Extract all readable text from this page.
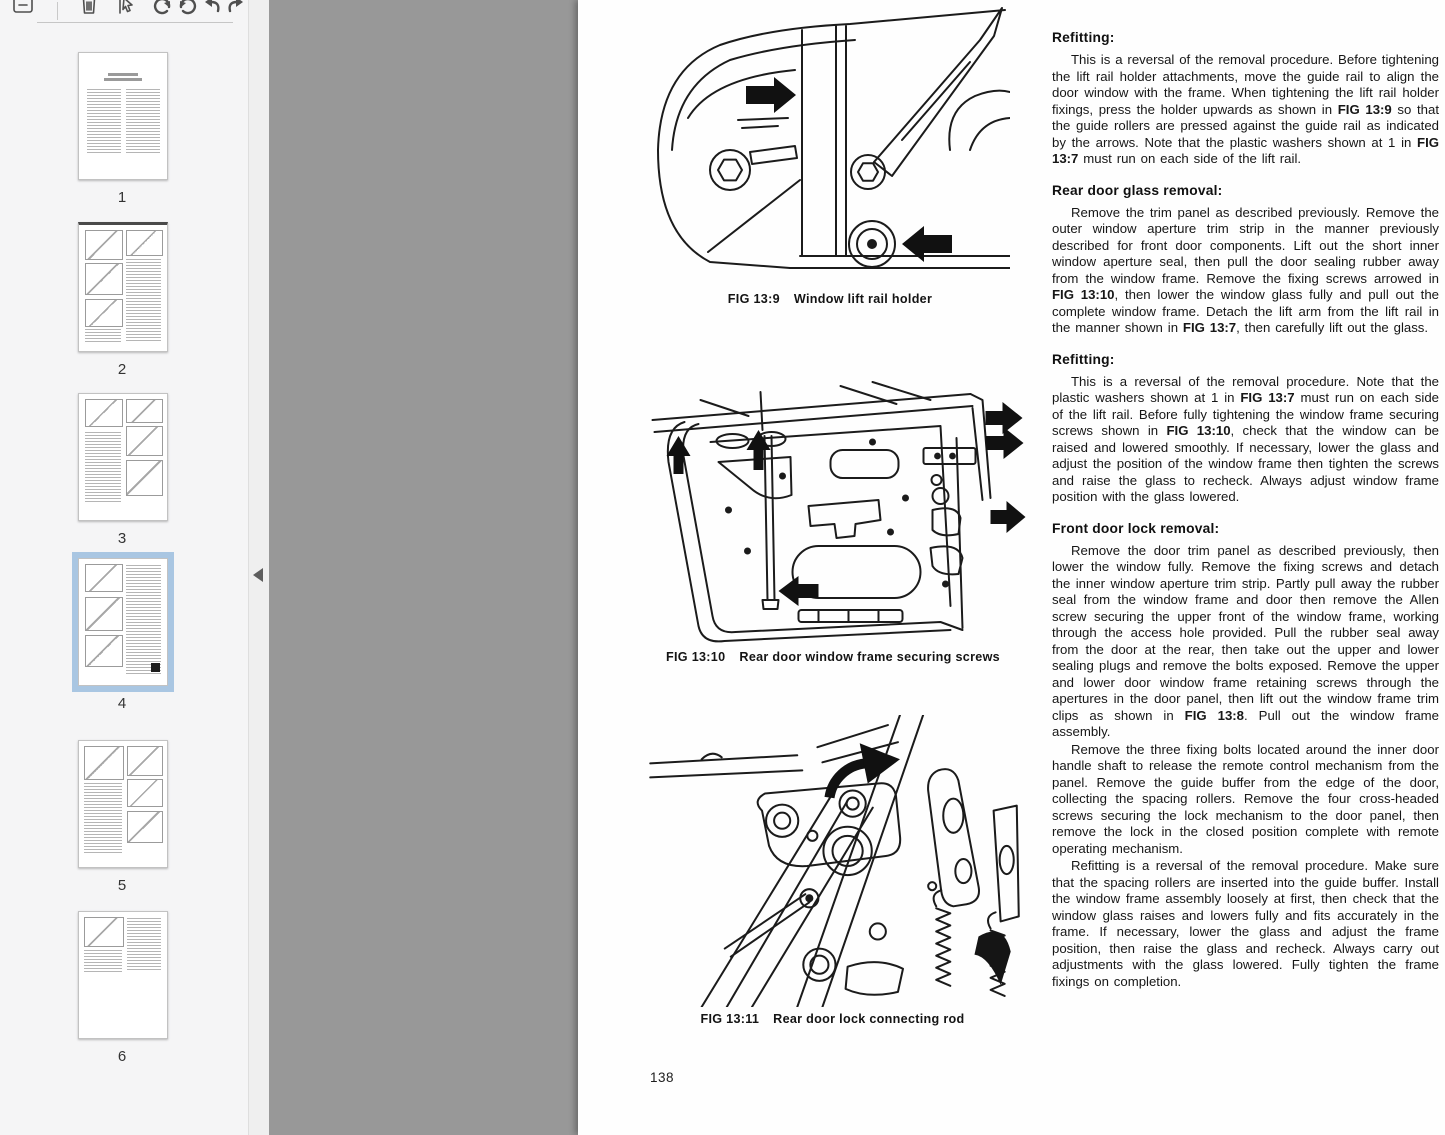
1
2
3
4
5
6
FIG 13:9 Window lift rail holder
FIG 13:10 Rear door window frame securing screws
FIG 13:11 Rear door lock connecting rod
138
Refitting:

This is a reversal of the removal procedure. Before tightening the lift rail holder attachments, move the guide rail to align the door window with the frame. When tightening the lift rail holder fixings, press the holder upwards as shown in FIG 13:9 so that the guide rollers are pressed against the guide rail as indicated by the arrows. Note that the plastic washers shown at 1 in FIG 13:7 must run on each side of the lift rail.

Rear door glass removal:

Remove the trim panel as described previously. Remove the outer window aperture trim strip in the manner previously described for front door components. Lift out the short inner window aperture seal, then pull the door sealing rubber away from the window frame. Remove the fixing screws arrowed in FIG 13:10, then lower the window glass fully and pull out the complete window frame. Detach the lift arm from the lift rail in the manner shown in FIG 13:7, then carefully lift out the glass.

Refitting:

This is a reversal of the removal procedure. Note that the plastic washers shown at 1 in FIG 13:7 must run on each side of the lift rail. Before fully tightening the window frame securing screws shown in FIG 13:10, check that the window can be raised and lowered smoothly. If necessary, lower the glass and adjust the position of the window frame then tighten the screws and raise the glass to recheck. Always adjust window frame position with the glass lowered.

Front door lock removal:

Remove the door trim panel as described previously, then lower the window fully. Remove the fixing screws and detach the inner window aperture trim strip. Partly pull away the rubber seal from the window frame and door then remove the Allen screw securing the upper front of the window frame, working through the access hole provided. Pull the rubber seal away from the door at the rear, then take out the upper and lower sealing plugs and remove the bolts exposed. Remove the upper and lower door window frame retaining screws through the apertures in the door panel, then lift out the window frame trim clips as shown in FIG 13:8. Pull out the window frame assembly.

Remove the three fixing bolts located around the inner door handle shaft to release the remote control mechanism from the panel. Remove the guide buffer from the edge of the door, collecting the spacing rollers. Remove the four cross-headed screws securing the lock mechanism to the door panel, then remove the lock in the closed position complete with remote operating mechanism.

Refitting is a reversal of the removal procedure. Make sure that the spacing rollers are inserted into the guide buffer. Install the window frame assembly loosely at first, then check that the window glass raises and lowers fully and fits accurately in the frame. If necessary, lower the glass and adjust the frame position, then raise the glass and recheck. Always carry out adjustments with the glass lowered. Fully tighten the frame fixings on completion.
